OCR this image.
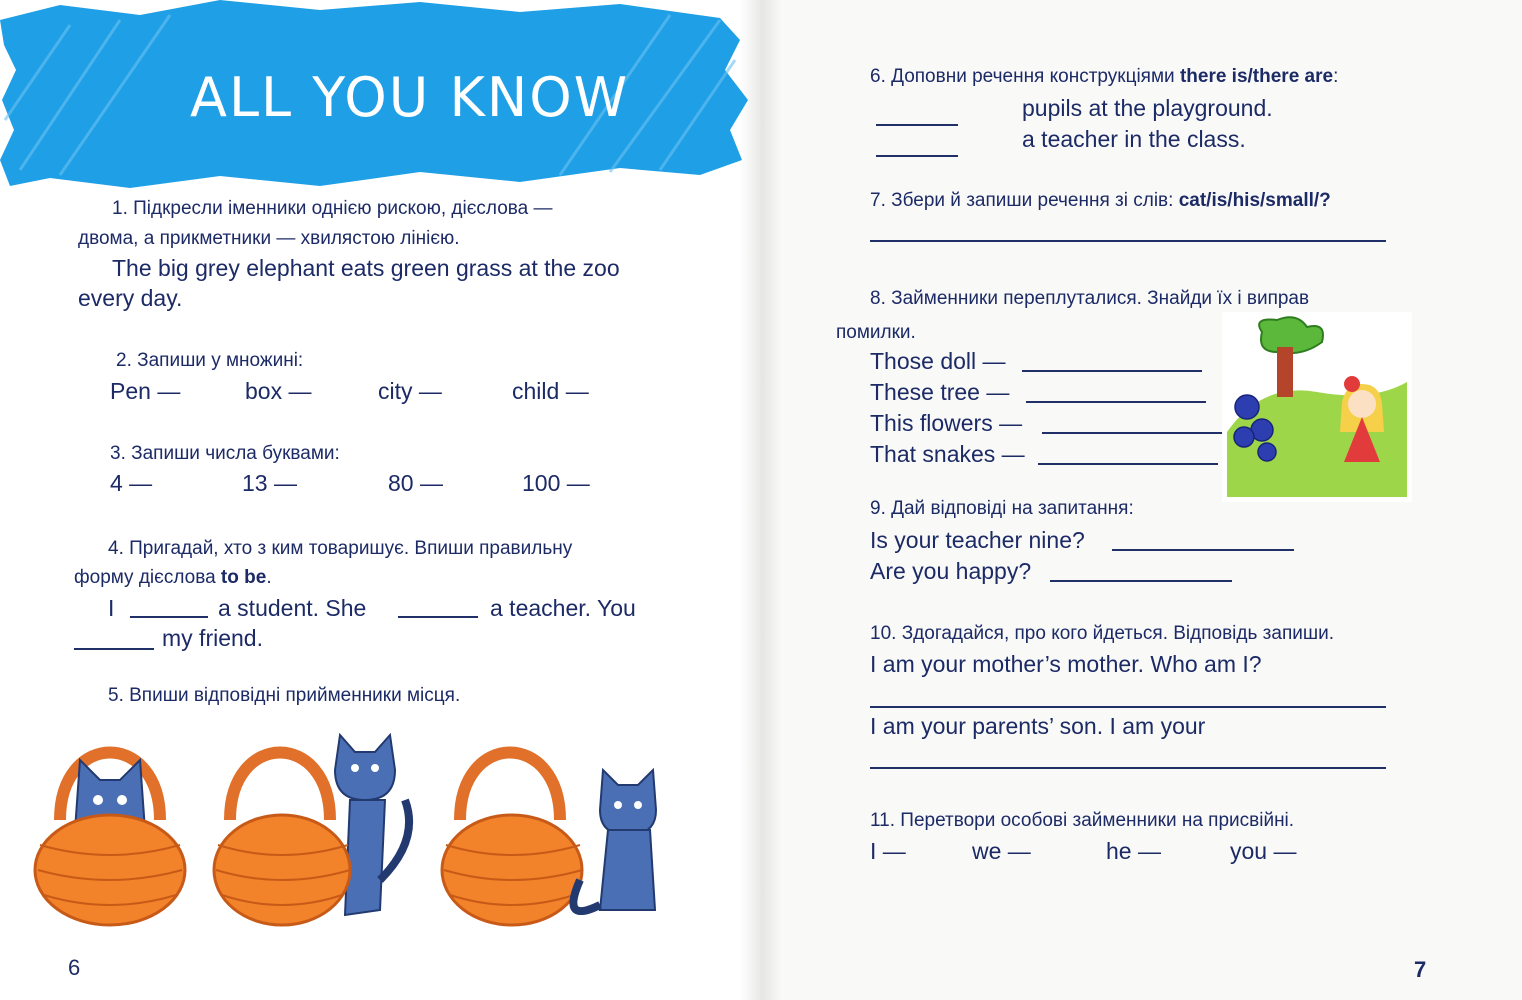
ALL YOU KNOW
1. Підкресли іменники однією рискою, дієслова —
двома, а прикметники — хвилястою лінією.
The big grey elephant eats green grass at the zoo
every day.
2. Запиши у множині:
Pen —	box —	city —	child —
3. Запиши числа буквами:
4 —	13 —	80 —	100 —
4. Пригадай, хто з ким товаришує. Впиши правильну
форму дієслова to be.
I	a student. She	a teacher. You
my friend.
5. Впиши відповідні прийменники місця.
6
6. Доповни речення конструкціями there is/there are:
pupils at the playground.
a teacher in the class.
7. Збери й запиши речення зі слів: cat/is/his/small/?
8. Займенники переплуталися. Знайди їх і виправ
помилки.
Those doll —
These tree —
This flowers —
That snakes —
9. Дай відповіді на запитання:
Is your teacher nine?
Are you happy?
10. Здогадайся, про кого йдеться. Відповідь запиши.
I am your mother’s mother. Who am I?
I am your parents’ son. I am your
11. Перетвори особові займенники на присвійні.
I —	we —	he —	you —
7
